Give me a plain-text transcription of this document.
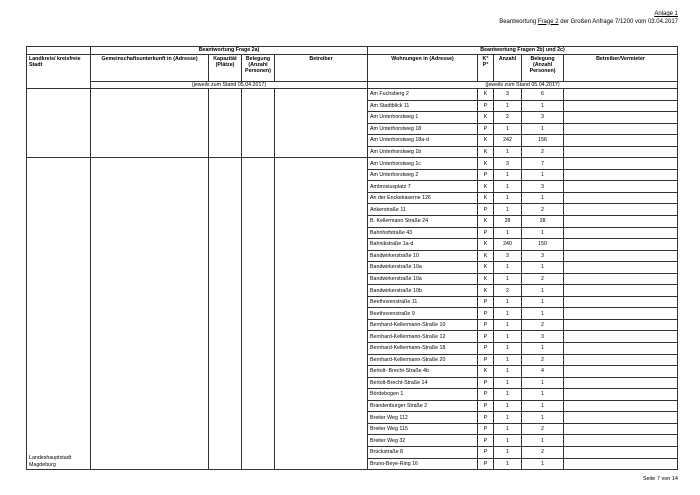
Anlage 1
Beantwortung Frage 2 der Großen Anfrage 7/1200 vom 03.04.2017
	Beantwortung Frage 2a)				Beantwortung Fragen 2b) und 2c)				
Landkreis/ kreisfreie Stadt	Gemeinschaftsunterkunft in (Adresse)	Kapazität (Plätze)	Belegung (Anzahl Personen)	Betreiber	Wohnungen in (Adresse)	K° P°	Anzahl	Belegung (Anzahl Personen)	Betreiber/Vermieter
	(jeweils zum Stand 05.04.2017)				(jeweils zum Stand 05.04.2017)				
					Am Fuchsberg 2	K	3	6	
					Am Stadtblick 11	P	1	1	
					Am Unterhorstweg 1	K	2	3	
					Am Unterhorstweg 18	P	1	1	
					Am Unterhorstweg 18a-d	K	242	156	
					Am Unterhorstweg 1b	K	1	2	
Landeshauptstadt Magdeburg					Am Unterhorstweg 1c	K	3	7	
					Am Unterhorstweg 2	P	1	1	
					Ambrosiusplatz 7	K	1	3	
					An der Enckekaserne 126	K	1	1	
					Ankerstraße 11	P	1	2	
					B. Kellermann Straße 24	K	28	28	
					Bahnhofstraße 43	P	1	1	
					Bahnikstraße 1a-d	K	240	150	
					Bandwirkerstraße 10	K	3	3	
					Bandwirkerstraße 10a	K	1	1	
					Bandwirkerstraße 10a	K	1	2	
					Bandwirkerstraße 10b	K	2	1	
					Beethovenstraße 11	P	1	1	
					Beethovenstraße 9	P	1	1	
					Bernhard-Kellermann-Straße 10	P	1	2	
					Bernhard-Kellermann-Straße 12	P	1	3	
					Bernhard-Kellermann-Straße 18	P	1	1	
					Bernhard-Kellermann-Straße 20	P	1	2	
					Bertolt- Brecht-Straße 4b	K	1	4	
					Bertolt-Brecht-Straße 14	P	1	1	
					Bördebogen 1	P	1	1	
					Brandenburger Straße 2	P	1	1	
					Breiter Weg 112	P	1	1	
					Breiter Weg 115	P	1	2	
					Breiter Weg 32	P	1	1	
					Brückstraße 8	P	1	2	
					Bruno-Beye-Ring 16	P	1	1	
Seite 7 von 14
